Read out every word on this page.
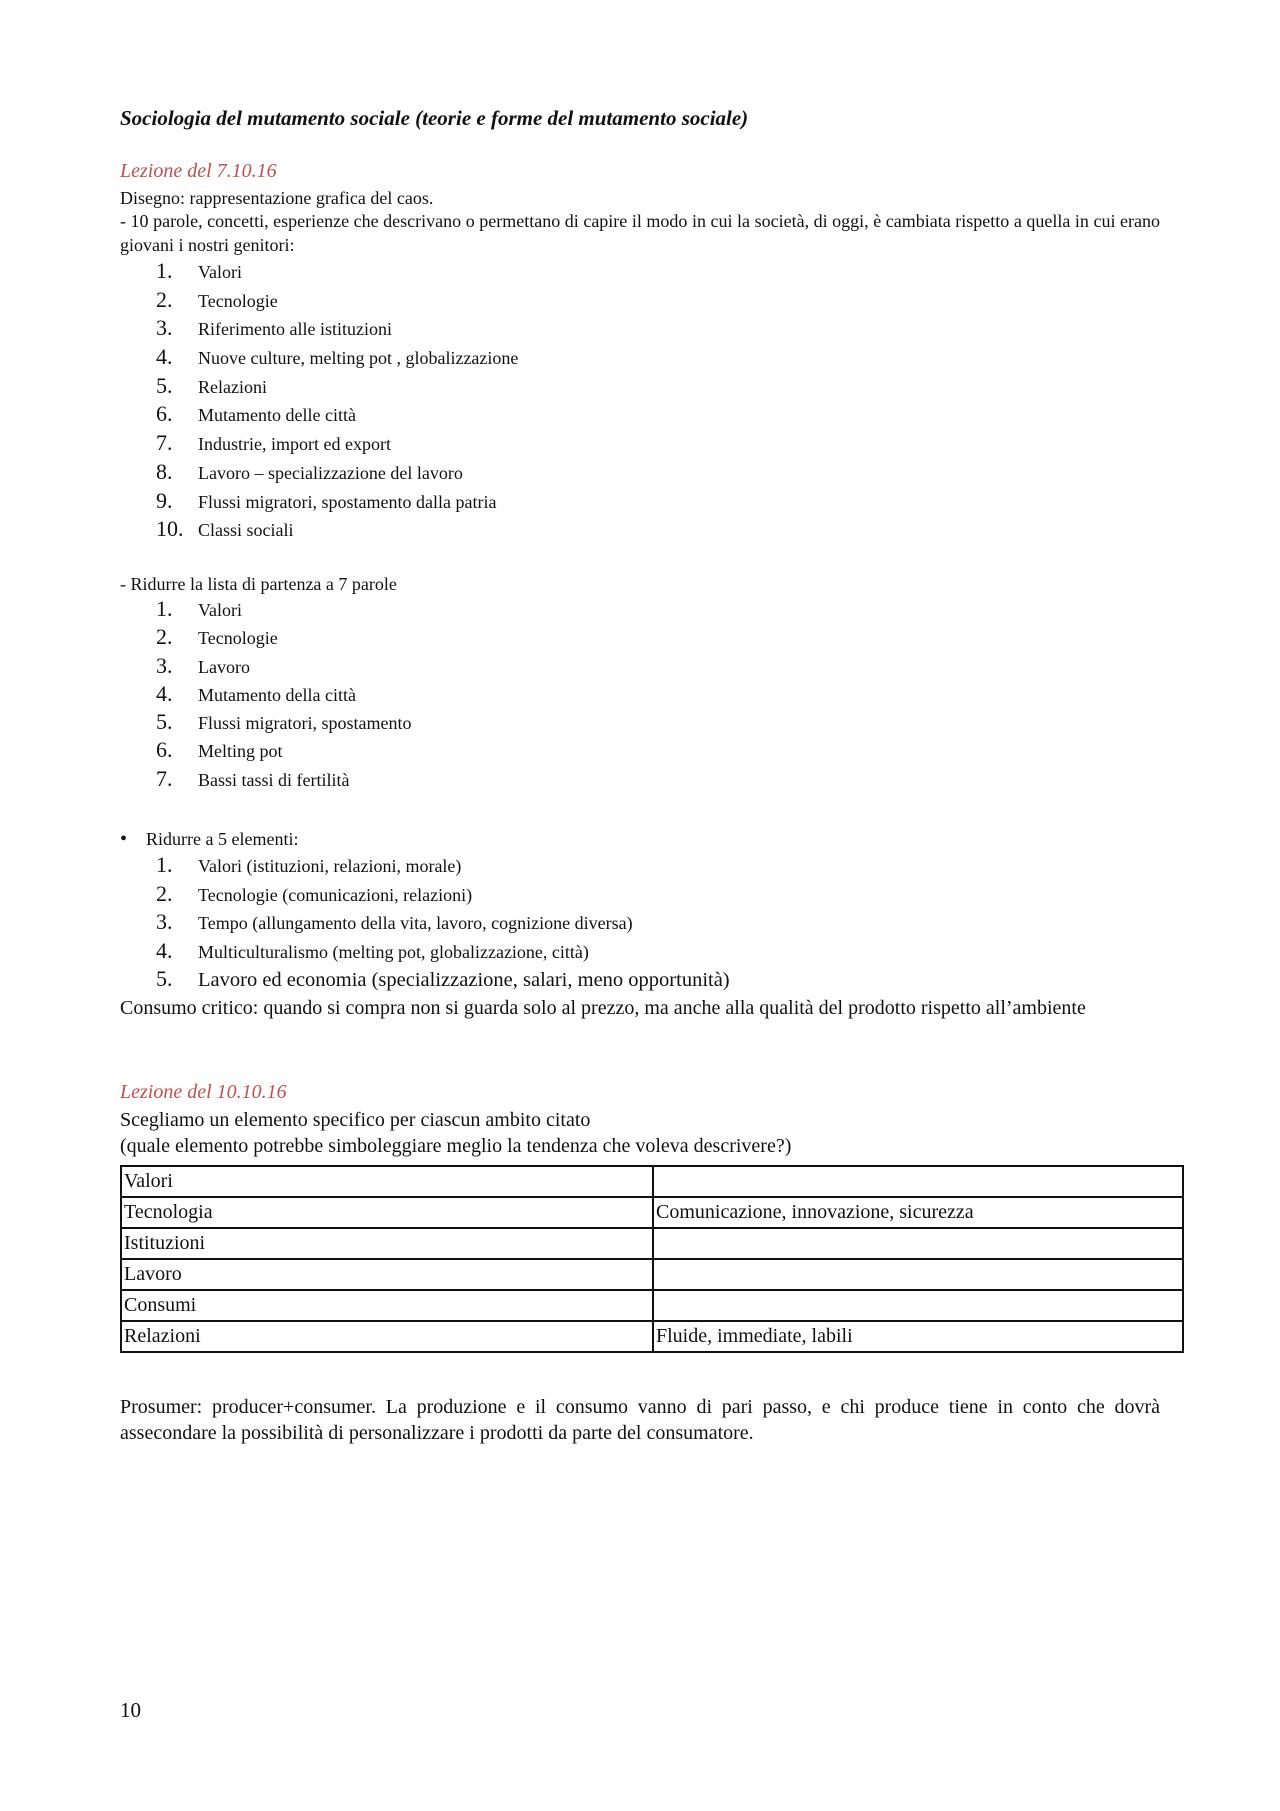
Sociologia del mutamento sociale (teorie e forme del mutamento sociale)
Lezione del 7.10.16
Disegno: rappresentazione grafica del caos.
- 10 parole, concetti, esperienze che descrivano o permettano di capire il modo in cui la società, di oggi, è cambiata rispetto a quella in cui erano giovani i nostri genitori:
1. Valori
2. Tecnologie
3. Riferimento alle istituzioni
4. Nuove culture, melting pot , globalizzazione
5. Relazioni
6. Mutamento delle città
7. Industrie, import ed export
8. Lavoro – specializzazione del lavoro
9. Flussi migratori, spostamento dalla patria
10. Classi sociali
- Ridurre la lista di partenza a 7 parole
1. Valori
2. Tecnologie
3. Lavoro
4. Mutamento della città
5. Flussi migratori, spostamento
6. Melting pot
7. Bassi tassi di fertilità
• Ridurre a 5 elementi:
1. Valori (istituzioni, relazioni, morale)
2. Tecnologie (comunicazioni, relazioni)
3. Tempo (allungamento della vita, lavoro, cognizione diversa)
4. Multiculturalismo (melting pot, globalizzazione, città)
5. Lavoro ed economia (specializzazione, salari, meno opportunità)
Consumo critico: quando si compra non si guarda solo al prezzo, ma anche alla qualità del prodotto rispetto all’ambiente
Lezione del 10.10.16
Scegliamo un elemento specifico per ciascun ambito citato
(quale elemento potrebbe simboleggiare meglio la tendenza che voleva descrivere?)
Valori	
Tecnologia	Comunicazione, innovazione, sicurezza
Istituzioni	
Lavoro	
Consumi	
Relazioni	Fluide, immediate, labili
Prosumer: producer+consumer. La produzione e il consumo vanno di pari passo, e chi produce tiene in conto che dovrà assecondare la possibilità di personalizzare i prodotti da parte del consumatore.
10
